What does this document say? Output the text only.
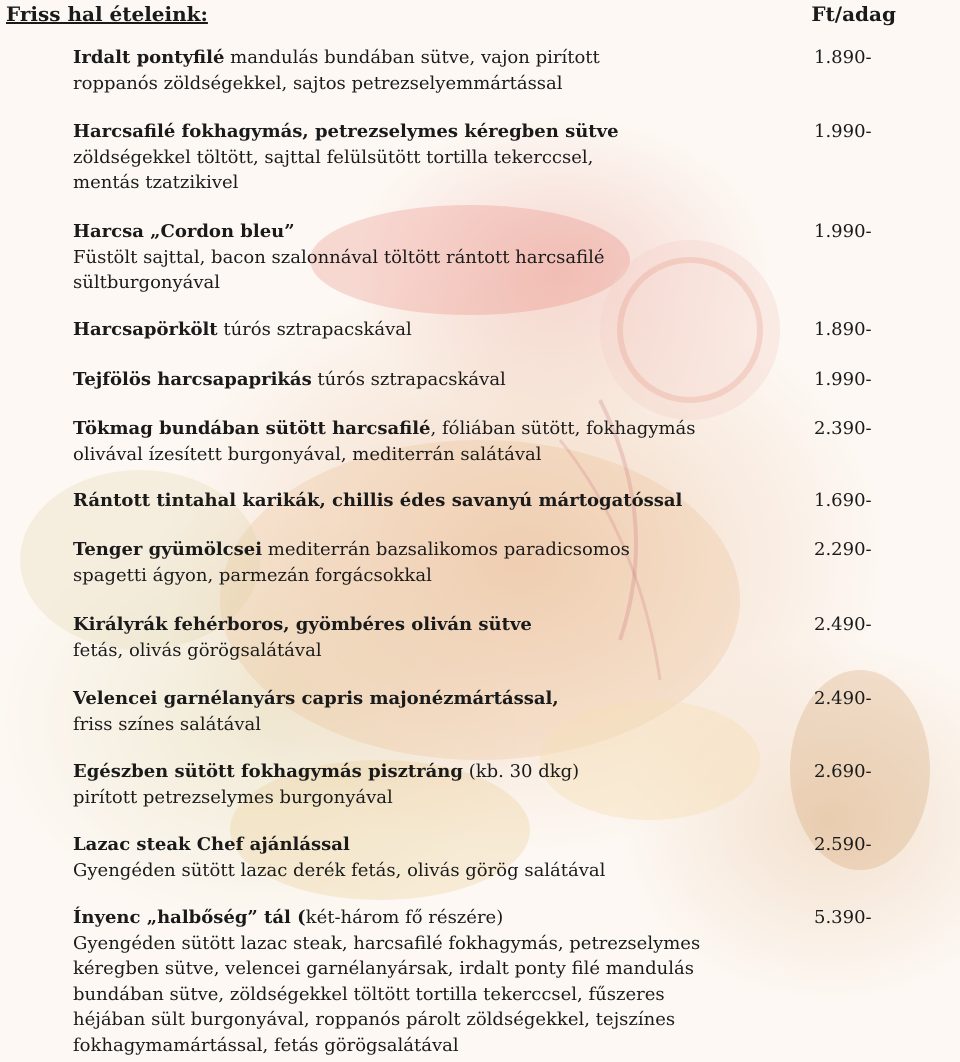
Friss hal ételeink:	Ft/adag
Irdalt pontyfilé mandulás bundában sütve, vajon pirított
roppanós zöldségekkel, sajtos petrezselyemmártással
1.890-
Harcsafilé fokhagymás, petrezselymes kéregben sütve
zöldségekkel töltött, sajttal felülsütött tortilla tekerccsel,
mentás tzatzikivel
1.990-
Harcsa „Cordon bleu”
Füstölt sajttal, bacon szalonnával töltött rántott harcsafilé
sültburgonyával
1.990-
Harcsapörkölt túrós sztrapacskával	1.890-
Tejfölös harcsapaprikás túrós sztrapacskával	1.990-
Tökmag bundában sütött harcsafilé, fóliában sütött, fokhagymás
olivával ízesített burgonyával, mediterrán salátával
2.390-
Rántott tintahal karikák, chillis édes savanyú mártogatóssal	1.690-
Tenger gyümölcsei mediterrán bazsalikomos paradicsomos
spagetti ágyon, parmezán forgácsokkal
2.290-
Királyrák fehérboros, gyömbéres oliván sütve
fetás, olivás görögsalátával
2.490-
Velencei garnélanyárs capris majonézmártással,
friss színes salátával
2.490-
Egészben sütött fokhagymás pisztráng (kb. 30 dkg)
pirított petrezselymes burgonyával
2.690-
Lazac steak Chef ajánlással
Gyengéden sütött lazac derék fetás, olivás görög salátával
2.590-
Ínyenc „halbőség” tál (két-három fő részére)
Gyengéden sütött lazac steak, harcsafilé fokhagymás, petrezselymes
kéregben sütve, velencei garnélanyársak, irdalt ponty filé mandulás
bundában sütve, zöldségekkel töltött tortilla tekerccsel, fűszeres
héjában sült burgonyával, roppanós párolt zöldségekkel, tejszínes
fokhagymamártással, fetás görögsalátával
5.390-
